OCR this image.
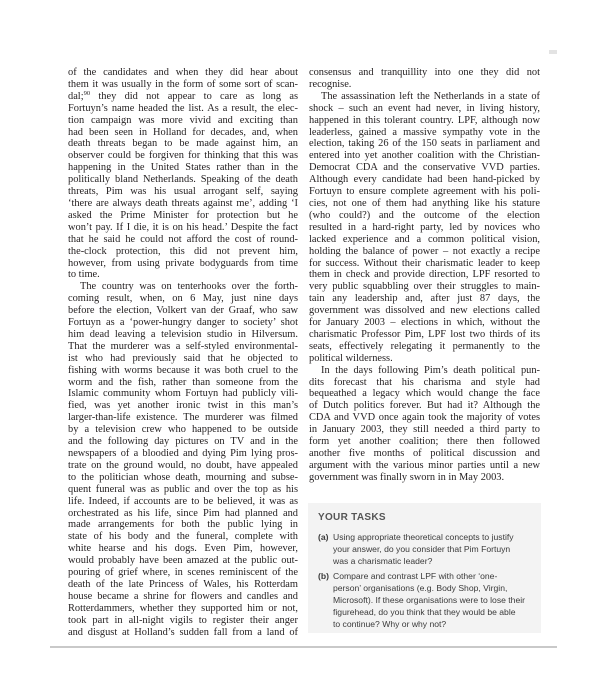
of the candidates and when they did hear about
them it was usually in the form of some sort of scan-
dal;$^{90}$ they did not appear to care as long as
Fortuyn’s name headed the list. As a result, the elec-
tion campaign was more vivid and exciting than
had been seen in Holland for decades, and, when
death threats began to be made against him, an
observer could be forgiven for thinking that this was
happening in the United States rather than in the
politically bland Netherlands. Speaking of the death
threats, Pim was his usual arrogant self, saying
‘there are always death threats against me’, adding ‘I
asked the Prime Minister for protection but he
won’t pay. If I die, it is on his head.’ Despite the fact
that he said he could not afford the cost of round-
the-clock protection, this did not prevent him,
however, from using private bodyguards from time
to time.
The country was on tenterhooks over the forth-
coming result, when, on 6 May, just nine days
before the election, Volkert van der Graaf, who saw
Fortuyn as a ‘power-hungry danger to society’ shot
him dead leaving a television studio in Hilversum.
That the murderer was a self-styled environmental-
ist who had previously said that he objected to
fishing with worms because it was both cruel to the
worm and the fish, rather than someone from the
Islamic community whom Fortuyn had publicly vili-
fied, was yet another ironic twist in this man’s
larger-than-life existence. The murderer was filmed
by a television crew who happened to be outside
and the following day pictures on TV and in the
newspapers of a bloodied and dying Pim lying pros-
trate on the ground would, no doubt, have appealed
to the politician whose death, mourning and subse-
quent funeral was as public and over the top as his
life. Indeed, if accounts are to be believed, it was as
orchestrated as his life, since Pim had planned and
made arrangements for both the public lying in
state of his body and the funeral, complete with
white hearse and his dogs. Even Pim, however,
would probably have been amazed at the public out-
pouring of grief where, in scenes reminiscent of the
death of the late Princess of Wales, his Rotterdam
house became a shrine for flowers and candles and
Rotterdammers, whether they supported him or not,
took part in all-night vigils to register their anger
and disgust at Holland’s sudden fall from a land of
consensus and tranquillity into one they did not
recognise.
The assassination left the Netherlands in a state of
shock – such an event had never, in living history,
happened in this tolerant country. LPF, although now
leaderless, gained a massive sympathy vote in the
election, taking 26 of the 150 seats in parliament and
entered into yet another coalition with the Christian-
Democrat CDA and the conservative VVD parties.
Although every candidate had been hand-picked by
Fortuyn to ensure complete agreement with his poli-
cies, not one of them had anything like his stature
(who could?) and the outcome of the election
resulted in a hard-right party, led by novices who
lacked experience and a common political vision,
holding the balance of power – not exactly a recipe
for success. Without their charismatic leader to keep
them in check and provide direction, LPF resorted to
very public squabbling over their struggles to main-
tain any leadership and, after just 87 days, the
government was dissolved and new elections called
for January 2003 – elections in which, without the
charismatic Professor Pim, LPF lost two thirds of its
seats, effectively relegating it permanently to the
political wilderness.
In the days following Pim’s death political pun-
dits forecast that his charisma and style had
bequeathed a legacy which would change the face
of Dutch politics forever. But had it? Although the
CDA and VVD once again took the majority of votes
in January 2003, they still needed a third party to
form yet another coalition; there then followed
another five months of political discussion and
argument with the various minor parties until a new
government was finally sworn in in May 2003.
YOUR TASKS
(a) Using appropriate theoretical concepts to justify
your answer, do you consider that Pim Fortuyn
was a charismatic leader?
(b) Compare and contrast LPF with other ‘one-
person’ organisations (e.g. Body Shop, Virgin,
Microsoft). If these organisations were to lose their
figurehead, do you think that they would be able
to continue? Why or why not?
